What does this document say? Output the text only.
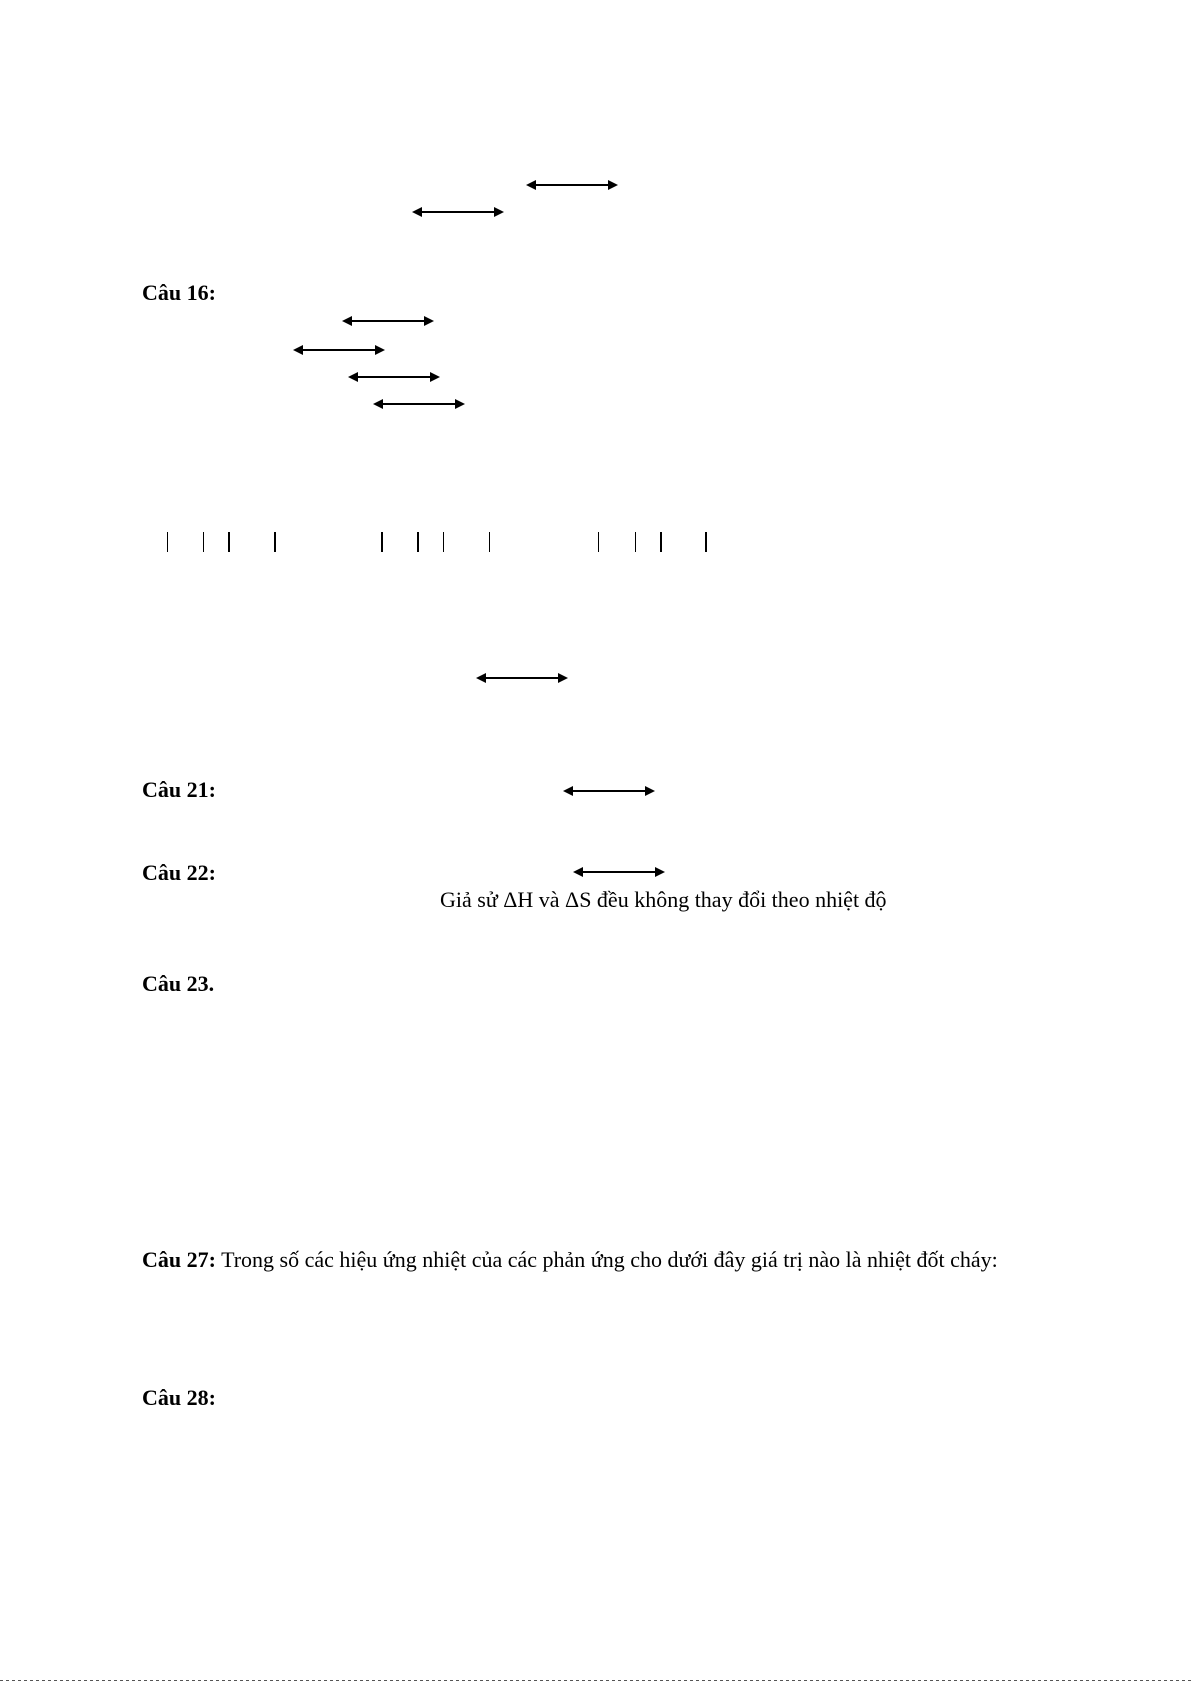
Câu 16:
Câu 21:
Câu 22:
Giả sử ΔH và ΔS đều không thay đổi theo nhiệt độ
Câu 23.
Câu 27: Trong số các hiệu ứng nhiệt của các phản ứng cho dưới đây giá trị nào là nhiệt đốt cháy:
Câu 28:
